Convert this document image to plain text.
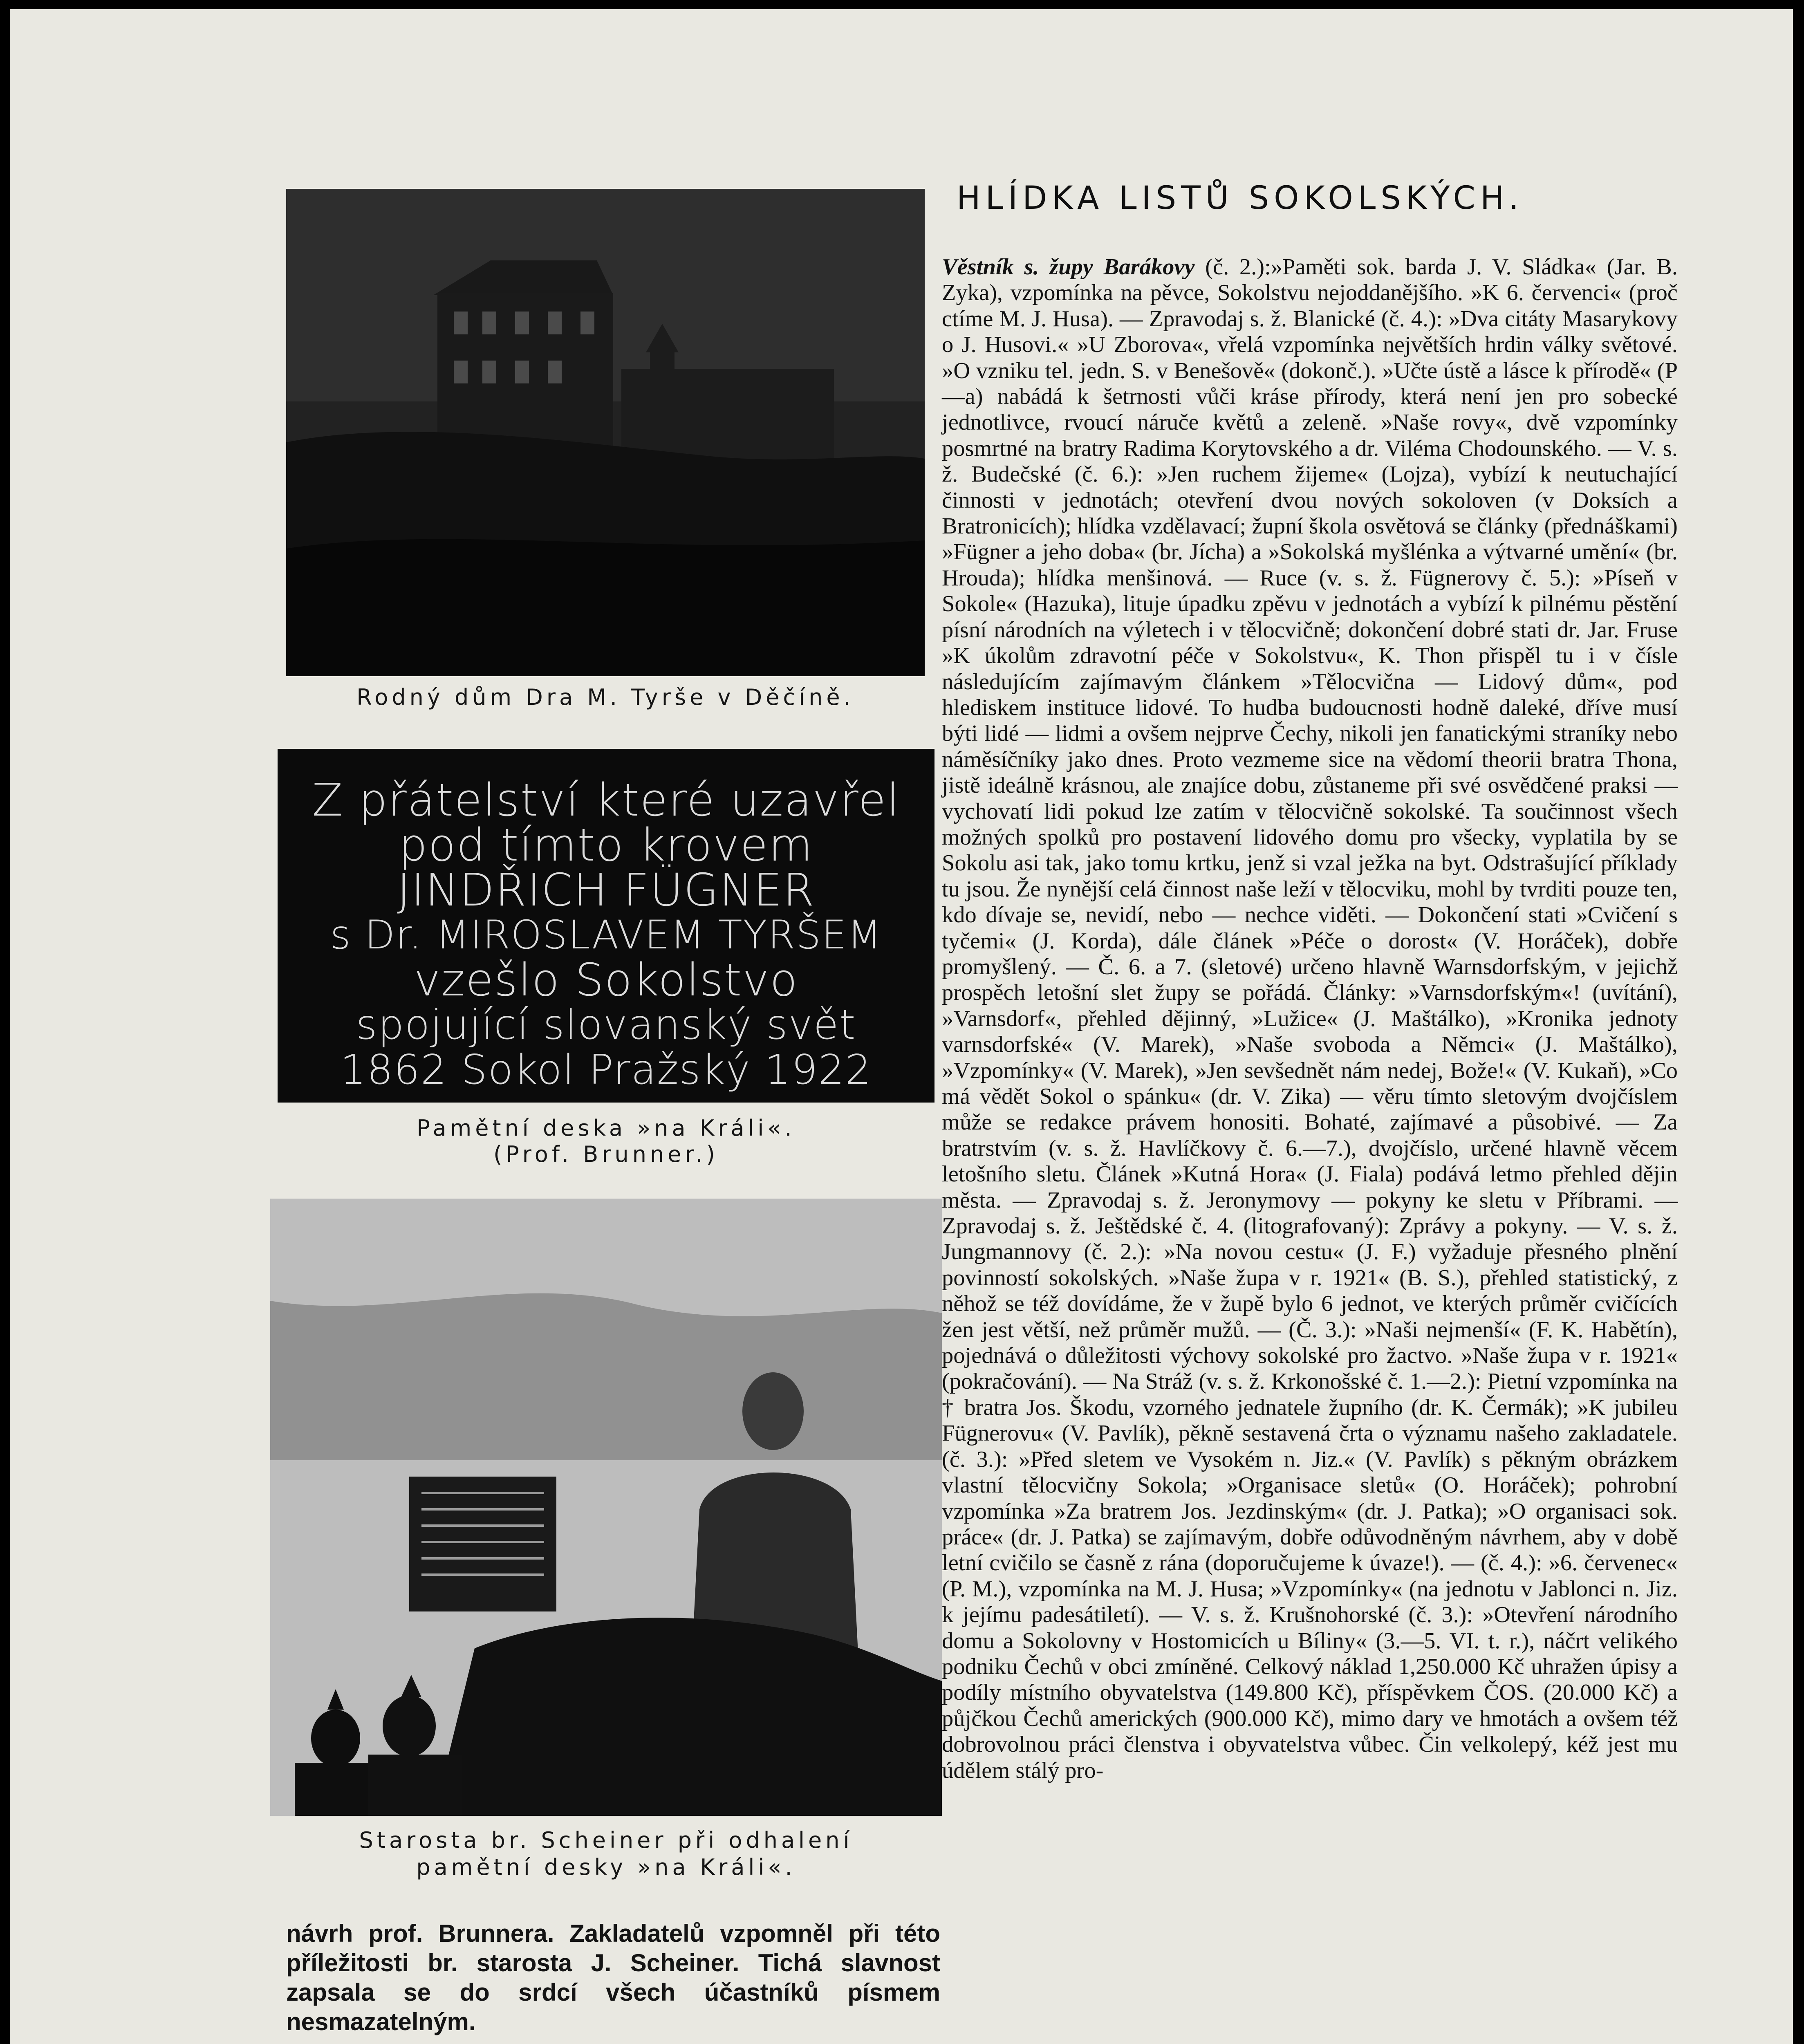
Rodný dům Dra M. Tyrše v Děčíně.
Z přátelství které uzavřel
pod tímto krovem
JINDŘICH FÜGNER
s Dr. MIROSLAVEM TYRŠEM
vzešlo Sokolstvo
spojující slovanský svět
1862 Sokol Pražský 1922
Pamětní deska »na Králi«.
(Prof. Brunner.)
Starosta br. Scheiner při odhalení
pamětní desky »na Králi«.
návrh prof. Brunnera. Zakladatelů vzpomněl při této příležitosti br. starosta J. Scheiner. Tichá slavnost zapsala se do srdcí všech účastníků písmem nesmazatelným.
HLÍDKA LISTŮ SOKOLSKÝCH.
Věstník s. župy Barákovy (č. 2.):»Paměti sok. barda J. V. Sládka« (Jar. B. Zyka), vzpomínka na pěvce, Sokolstvu nejoddanějšího. »K 6. červenci« (proč ctíme M. J. Husa). — Zpravodaj s. ž. Blanické (č. 4.): »Dva citáty Masarykovy o J. Husovi.« »U Zborova«, vřelá vzpomínka největších hrdin války světové. »O vzniku tel. jedn. S. v Benešově« (dokonč.). »Učte ústě a lásce k přírodě« (P—a) nabádá k šetrnosti vůči kráse přírody, která není jen pro sobecké jednotlivce, rvoucí náruče květů a zeleně. »Naše rovy«, dvě vzpomínky posmrtné na bratry Radima Korytovského a dr. Viléma Chodounského. — V. s. ž. Budečské (č. 6.): »Jen ruchem žijeme« (Lojza), vybízí k neutuchající činnosti v jednotách; otevření dvou nových sokoloven (v Doksích a Bratronicích); hlídka vzdělavací; župní škola osvětová se články (přednáškami) »Fügner a jeho doba« (br. Jícha) a »Sokolská myšlénka a výtvarné umění« (br. Hrouda); hlídka menšinová. — Ruce (v. s. ž. Fügnerovy č. 5.): »Píseň v Sokole« (Hazuka), lituje úpadku zpěvu v jednotách a vybízí k pilnému pěstění písní národních na výletech i v tělocvičně; dokončení dobré stati dr. Jar. Fruse »K úkolům zdravotní péče v Sokolstvu«, K. Thon přispěl tu i v čísle následujícím zajímavým článkem »Tělocvična — Lidový dům«, pod hlediskem instituce lidové. To hudba budoucnosti hodně daleké, dříve musí býti lidé — lidmi a ovšem nejprve Čechy, nikoli jen fanatickými straníky nebo náměsíčníky jako dnes. Proto vezmeme sice na vědomí theorii bratra Thona, jistě ideálně krásnou, ale znajíce dobu, zůstaneme při své osvědčené praksi — vychovatí lidi pokud lze zatím v tělocvičně sokolské. Ta součinnost všech možných spolků pro postavení lidového domu pro všecky, vyplatila by se Sokolu asi tak, jako tomu krtku, jenž si vzal ježka na byt. Odstrašující příklady tu jsou. Že nynější celá činnost naše leží v tělocviku, mohl by tvrditi pouze ten, kdo dívaje se, nevidí, nebo — nechce viděti. — Dokončení stati »Cvičení s tyčemi« (J. Korda), dále článek »Péče o dorost« (V. Horáček), dobře promyšlený. — Č. 6. a 7. (sletové) určeno hlavně Warnsdorfským, v jejichž prospěch letošní slet župy se pořádá. Články: »Varnsdorfským«! (uvítání), »Varnsdorf«, přehled dějinný, »Lužice« (J. Maštálko), »Kronika jednoty varnsdorfské« (V. Marek), »Naše svoboda a Němci« (J. Maštálko), »Vzpomínky« (V. Marek), »Jen sevšednět nám nedej, Bože!« (V. Kukaň), »Co má vědět Sokol o spánku« (dr. V. Zika) — věru tímto sletovým dvojčíslem může se redakce právem honositi. Bohaté, zajímavé a působivé. — Za bratrstvím (v. s. ž. Havlíčkovy č. 6.—7.), dvojčíslo, určené hlavně věcem letošního sletu. Článek »Kutná Hora« (J. Fiala) podává letmo přehled dějin města. — Zpravodaj s. ž. Jeronymovy — pokyny ke sletu v Příbrami. — Zpravodaj s. ž. Ještědské č. 4. (litografovaný): Zprávy a pokyny. — V. s. ž. Jungmannovy (č. 2.): »Na novou cestu« (J. F.) vyžaduje přesného plnění povinností sokolských. »Naše župa v r. 1921« (B. S.), přehled statistický, z něhož se též dovídáme, že v župě bylo 6 jednot, ve kterých průměr cvičících žen jest větší, než průměr mužů. — (Č. 3.): »Naši nejmenší« (F. K. Habětín), pojednává o důležitosti výchovy sokolské pro žactvo. »Naše župa v r. 1921« (pokračování). — Na Stráž (v. s. ž. Krkonošské č. 1.—2.): Pietní vzpomínka na † bratra Jos. Škodu, vzorného jednatele župního (dr. K. Čermák); »K jubileu Fügnerovu« (V. Pavlík), pěkně sestavená črta o významu našeho zakladatele. (č. 3.): »Před sletem ve Vysokém n. Jiz.« (V. Pavlík) s pěkným obrázkem vlastní tělocvičny Sokola; »Organisace sletů« (O. Horáček); pohrobní vzpomínka »Za bratrem Jos. Jezdinským« (dr. J. Patka); »O organisaci sok. práce« (dr. J. Patka) se zajímavým, dobře odůvodněným návrhem, aby v době letní cvičilo se časně z rána (doporučujeme k úvaze!). — (č. 4.): »6. červenec« (P. M.), vzpomínka na M. J. Husa; »Vzpomínky« (na jednotu v Jablonci n. Jiz. k jejímu padesátiletí). — V. s. ž. Krušnohorské (č. 3.): »Otevření národního domu a Sokolovny v Hostomicích u Bíliny« (3.—5. VI. t. r.), náčrt velikého podniku Čechů v obci zmíněné. Celkový náklad 1,250.000 Kč uhražen úpisy a podíly místního obyvatelstva (149.800 Kč), příspěvkem ČOS. (20.000 Kč) a půjčkou Čechů amerických (900.000 Kč), mimo dary ve hmotách a ovšem též dobrovolnou práci členstva i obyvatelstva vůbec. Čin velkolepý, kéž jest mu údělem stálý pro-
